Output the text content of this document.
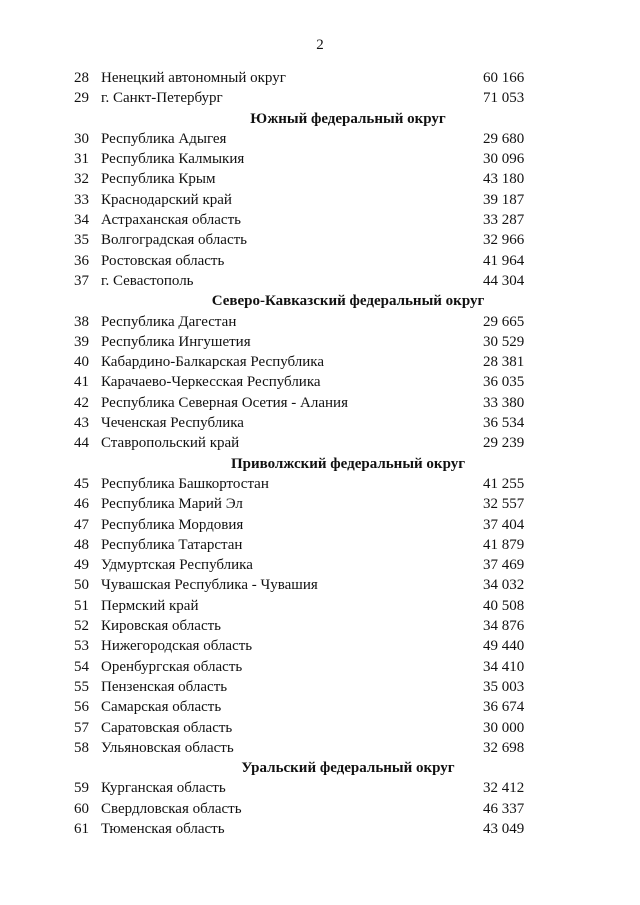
2
28 Ненецкий автономный округ	60 166
29 г. Санкт-Петербург	71 053
Южный федеральный округ
30 Республика Адыгея	29 680
31 Республика Калмыкия	30 096
32 Республика Крым	43 180
33 Краснодарский край	39 187
34 Астраханская область	33 287
35 Волгоградская область	32 966
36 Ростовская область	41 964
37 г. Севастополь	44 304
Северо-Кавказский федеральный округ
38 Республика Дагестан	29 665
39 Республика Ингушетия	30 529
40 Кабардино-Балкарская Республика	28 381
41 Карачаево-Черкесская Республика	36 035
42 Республика Северная Осетия - Алания	33 380
43 Чеченская Республика	36 534
44 Ставропольский край	29 239
Приволжский федеральный округ
45 Республика Башкортостан	41 255
46 Республика Марий Эл	32 557
47 Республика Мордовия	37 404
48 Республика Татарстан	41 879
49 Удмуртская Республика	37 469
50 Чувашская Республика - Чувашия	34 032
51 Пермский край	40 508
52 Кировская область	34 876
53 Нижегородская область	49 440
54 Оренбургская область	34 410
55 Пензенская область	35 003
56 Самарская область	36 674
57 Саратовская область	30 000
58 Ульяновская область	32 698
Уральский федеральный округ
59 Курганская область	32 412
60 Свердловская область	46 337
61 Тюменская область	43 049
